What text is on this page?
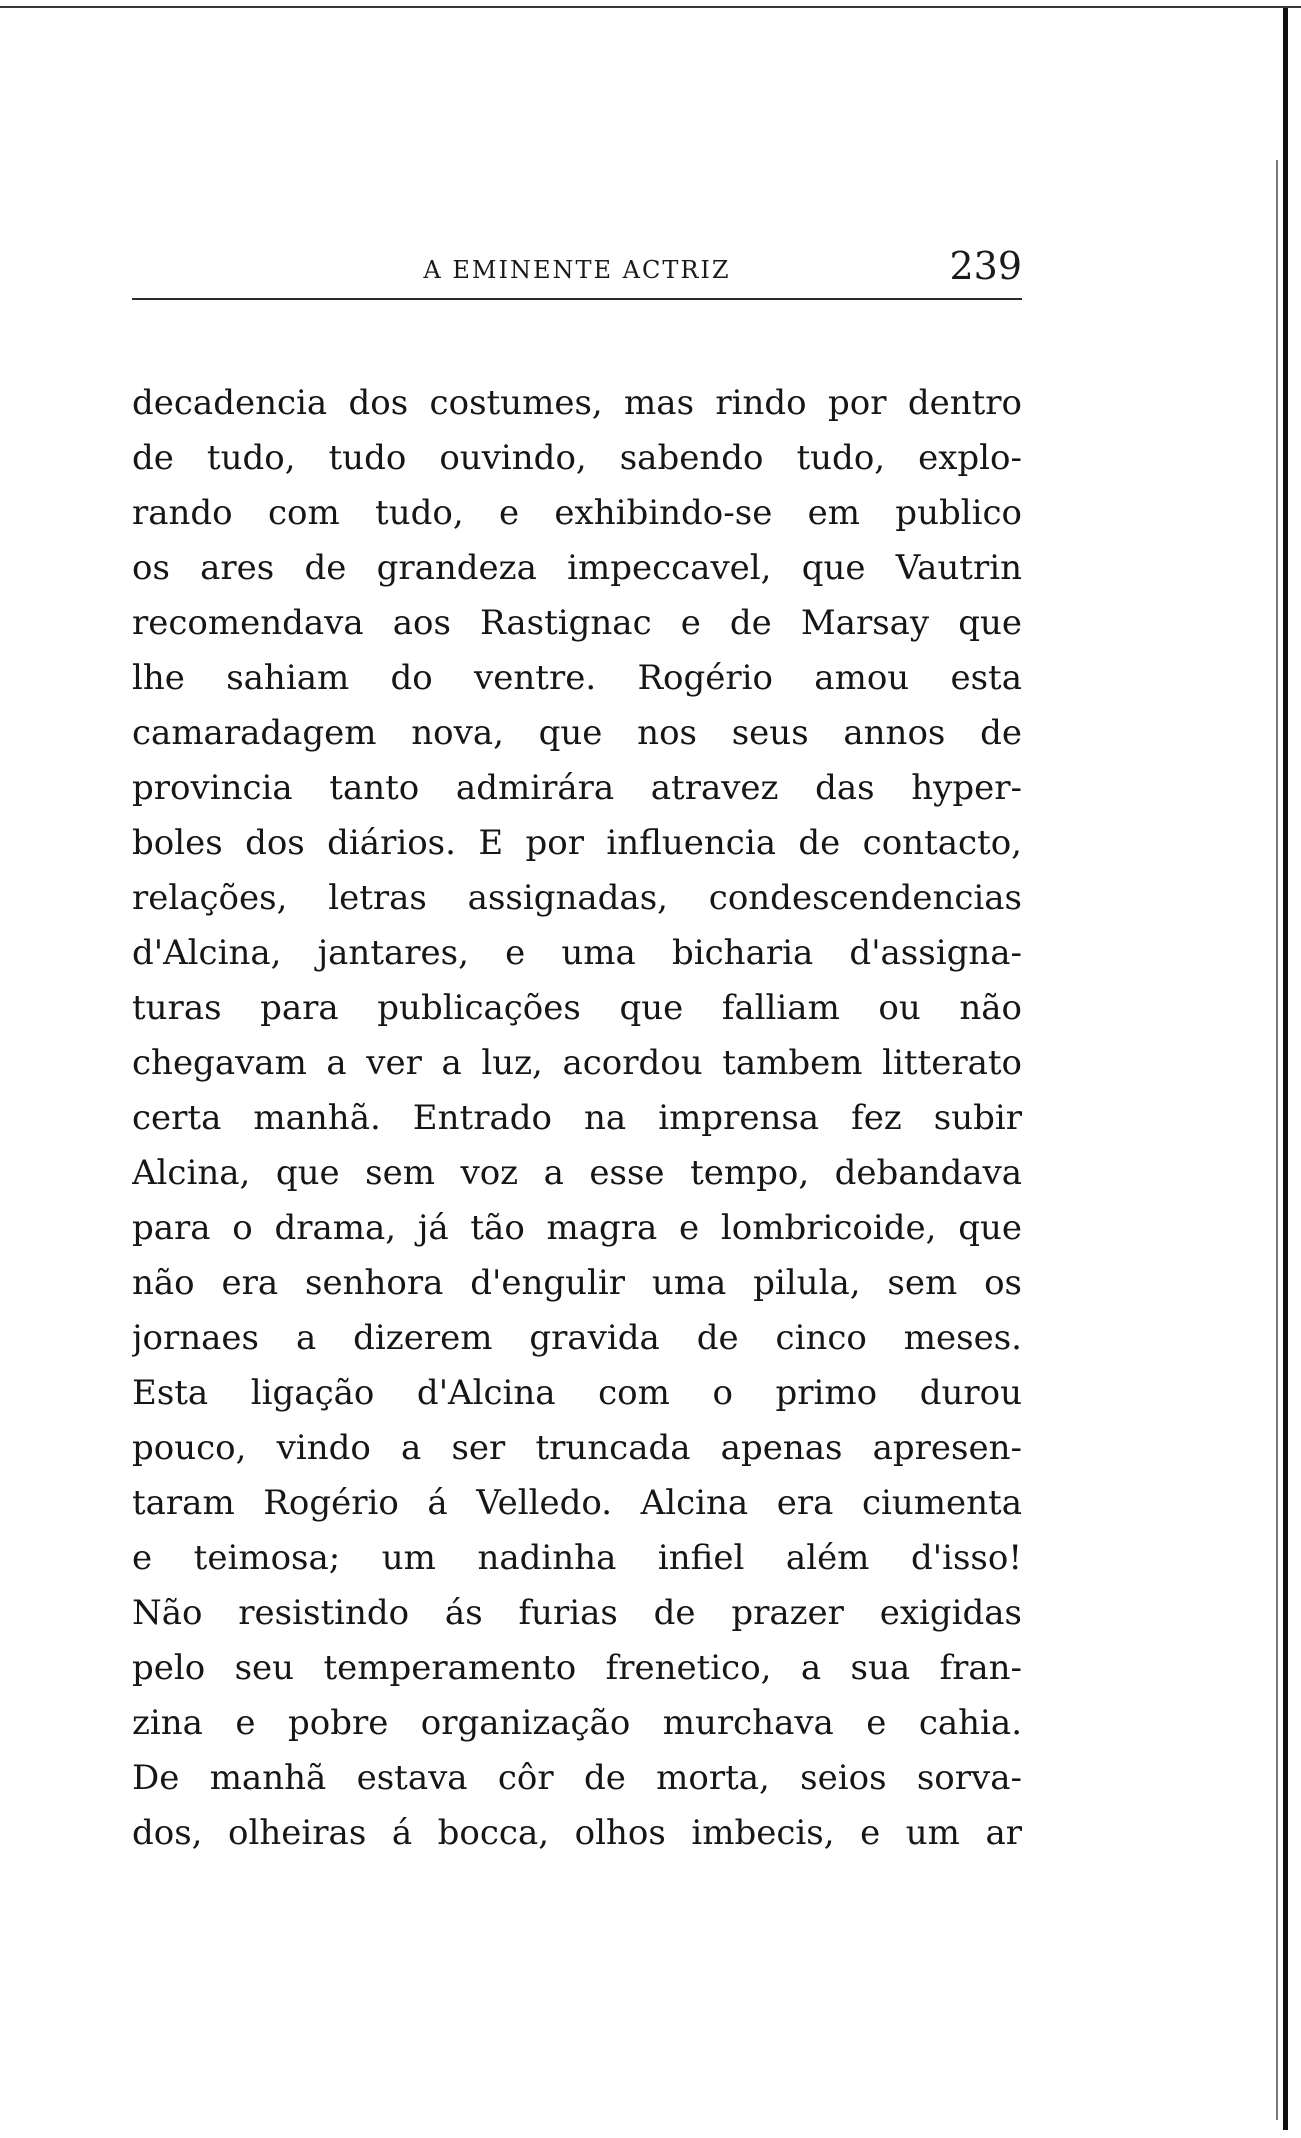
A EMINENTE ACTRIZ	239
decadencia dos costumes, mas rindo por dentro
de tudo, tudo ouvindo, sabendo tudo, explo-
rando com tudo, e exhibindo-se em publico
os ares de grandeza impeccavel, que Vautrin
recomendava aos Rastignac e de Marsay que
lhe sahiam do ventre. Rogério amou esta
camaradagem nova, que nos seus annos de
provincia tanto admirára atravez das hyper-
boles dos diários. E por influencia de contacto,
relações, letras assignadas, condescendencias
d'Alcina, jantares, e uma bicharia d'assigna-
turas para publicações que falliam ou não
chegavam a ver a luz, acordou tambem litterato
certa manhã. Entrado na imprensa fez subir
Alcina, que sem voz a esse tempo, debandava
para o drama, já tão magra e lombricoide, que
não era senhora d'engulir uma pilula, sem os
jornaes a dizerem gravida de cinco meses.
Esta ligação d'Alcina com o primo durou
pouco, vindo a ser truncada apenas apresen-
taram Rogério á Velledo. Alcina era ciumenta
e teimosa; um nadinha infiel além d'isso!
Não resistindo ás furias de prazer exigidas
pelo seu temperamento frenetico, a sua fran-
zina e pobre organização murchava e cahia.
De manhã estava côr de morta, seios sorva-
dos, olheiras á bocca, olhos imbecis, e um ar
